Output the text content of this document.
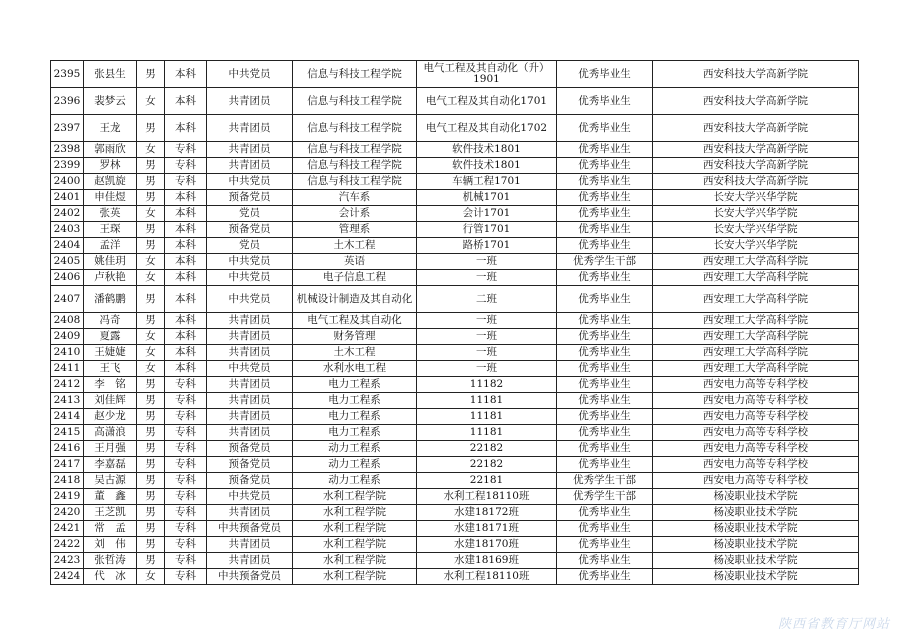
2395	张县生	男	本科	中共党员	信息与科技工程学院	电气工程及其自动化（升）1901	优秀毕业生	西安科技大学高新学院
2396	裴梦云	女	本科	共青团员	信息与科技工程学院	电气工程及其自动化1701	优秀毕业生	西安科技大学高新学院
2397	王龙	男	本科	共青团员	信息与科技工程学院	电气工程及其自动化1702	优秀毕业生	西安科技大学高新学院
2398	郭雨欣	女	专科	共青团员	信息与科技工程学院	软件技术1801	优秀毕业生	西安科技大学高新学院
2399	罗林	男	专科	共青团员	信息与科技工程学院	软件技术1801	优秀毕业生	西安科技大学高新学院
2400	赵凯旋	男	专科	中共党员	信息与科技工程学院	车辆工程1701	优秀毕业生	西安科技大学高新学院
2401	申佳煜	男	本科	预备党员	汽车系	机械1701	优秀毕业生	长安大学兴华学院
2402	张英	女	本科	党员	会计系	会计1701	优秀毕业生	长安大学兴华学院
2403	王琛	男	本科	预备党员	管理系	行管1701	优秀毕业生	长安大学兴华学院
2404	孟洋	男	本科	党员	土木工程	路桥1701	优秀毕业生	长安大学兴华学院
2405	姚佳玥	女	本科	中共党员	英语	一班	优秀学生干部	西安理工大学高科学院
2406	卢秋艳	女	本科	中共党员	电子信息工程	一班	优秀毕业生	西安理工大学高科学院
2407	潘鹤鹏	男	本科	中共党员	机械设计制造及其自动化	二班	优秀毕业生	西安理工大学高科学院
2408	冯奇	男	本科	共青团员	电气工程及其自动化	一班	优秀毕业生	西安理工大学高科学院
2409	夏露	女	本科	共青团员	财务管理	一班	优秀毕业生	西安理工大学高科学院
2410	王婕婕	女	本科	共青团员	土木工程	一班	优秀毕业生	西安理工大学高科学院
2411	王飞	女	本科	中共党员	水利水电工程	一班	优秀毕业生	西安理工大学高科学院
2412	李　铭	男	专科	共青团员	电力工程系	11182	优秀毕业生	西安电力高等专科学校
2413	刘佳辉	男	专科	共青团员	电力工程系	11181	优秀毕业生	西安电力高等专科学校
2414	赵少龙	男	专科	共青团员	电力工程系	11181	优秀毕业生	西安电力高等专科学校
2415	高潇浪	男	专科	共青团员	电力工程系	11181	优秀毕业生	西安电力高等专科学校
2416	王月强	男	专科	预备党员	动力工程系	22182	优秀毕业生	西安电力高等专科学校
2417	李嘉磊	男	专科	预备党员	动力工程系	22182	优秀毕业生	西安电力高等专科学校
2418	吴古源	男	专科	预备党员	动力工程系	22181	优秀学生干部	西安电力高等专科学校
2419	董　鑫	男	专科	中共党员	水利工程学院	水利工程18110班	优秀学生干部	杨凌职业技术学院
2420	王芝凯	男	专科	共青团员	水利工程学院	水建18172班	优秀毕业生	杨凌职业技术学院
2421	常　孟	男	专科	中共预备党员	水利工程学院	水建18171班	优秀毕业生	杨凌职业技术学院
2422	刘　伟	男	专科	共青团员	水利工程学院	水建18170班	优秀毕业生	杨凌职业技术学院
2423	张哲涛	男	专科	共青团员	水利工程学院	水建18169班	优秀毕业生	杨凌职业技术学院
2424	代　冰	女	专科	中共预备党员	水利工程学院	水利工程18110班	优秀毕业生	杨凌职业技术学院
陕西省教育厅网站
